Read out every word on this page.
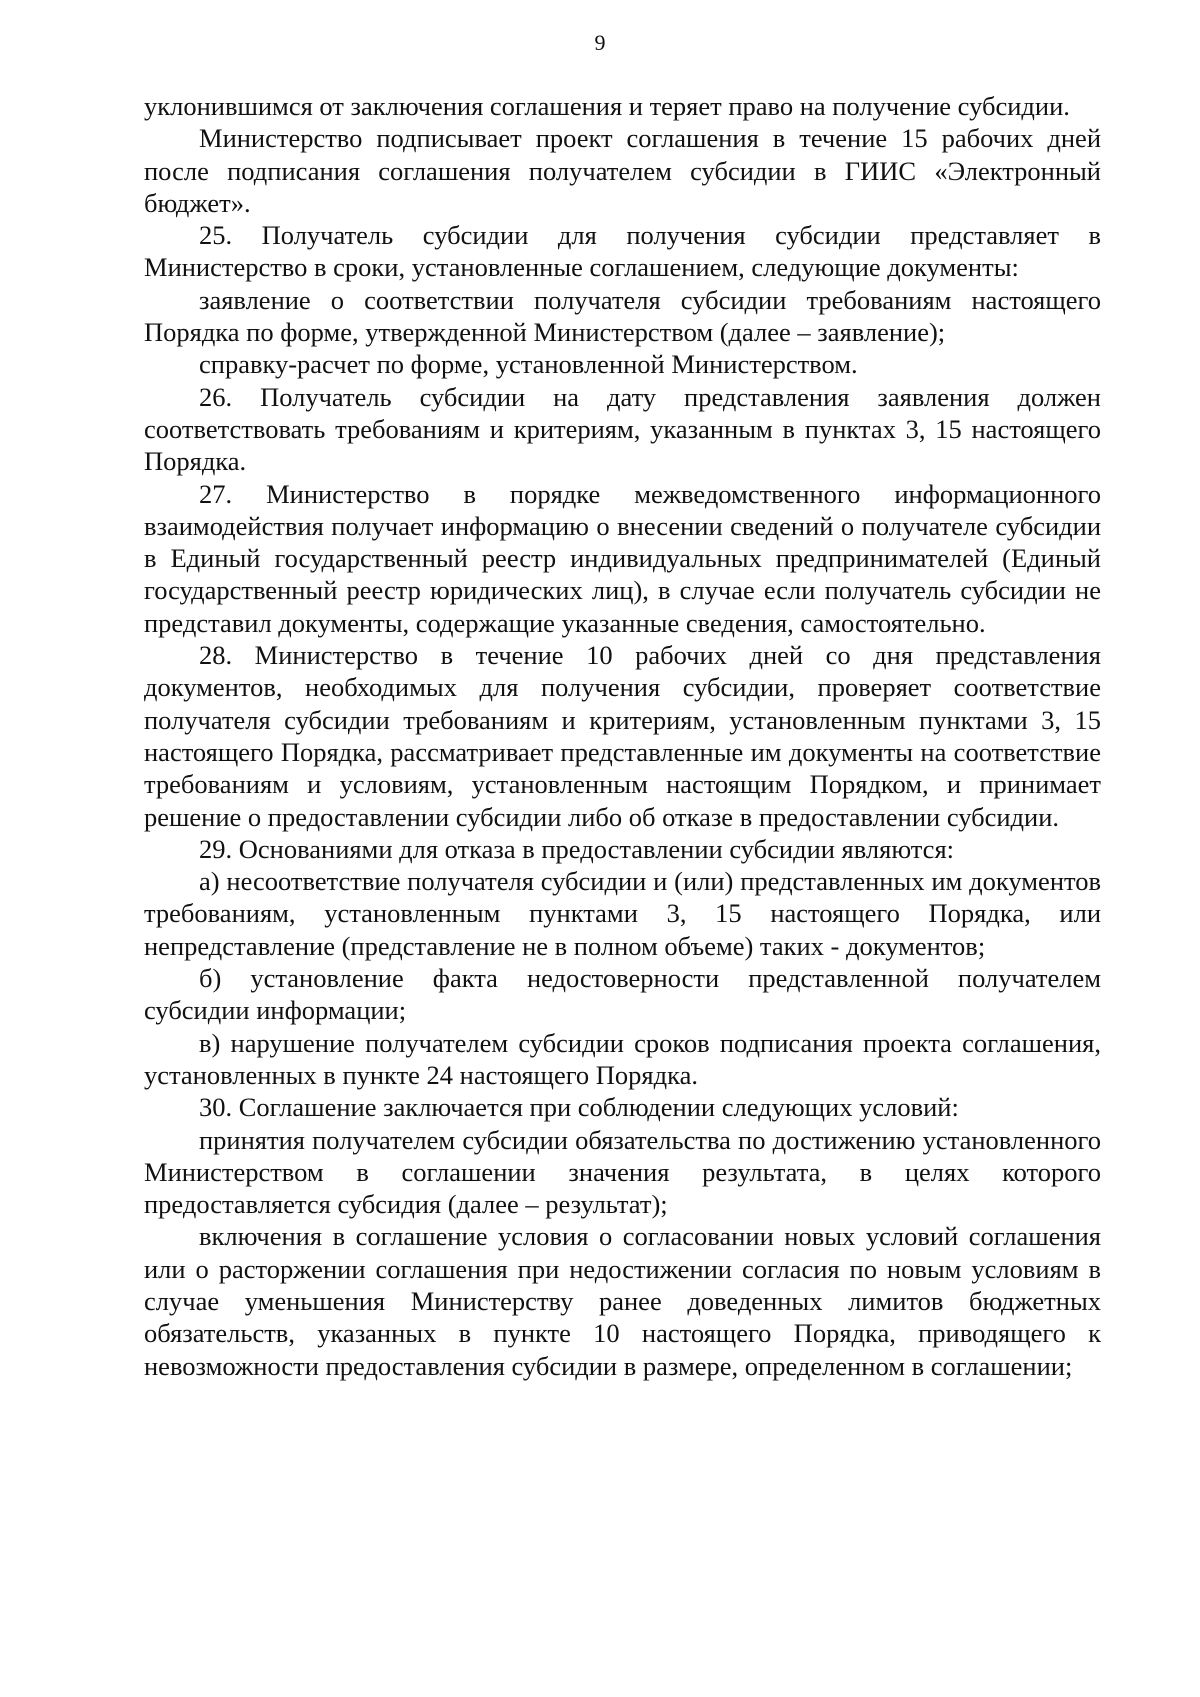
9

уклонившимся от заключения соглашения и теряет право на получение субсидии.

Министерство подписывает проект соглашения в течение 15 рабочих дней после подписания соглашения получателем субсидии в ГИИС «Электронный бюджет».

25. Получатель субсидии для получения субсидии представляет в Министерство в сроки, установленные соглашением, следующие документы:

заявление о соответствии получателя субсидии требованиям настоящего Порядка по форме, утвержденной Министерством (далее – заявление);

справку-расчет по форме, установленной Министерством.

26. Получатель субсидии на дату представления заявления должен соответствовать требованиям и критериям, указанным в пунктах 3, 15 настоящего Порядка.

27. Министерство в порядке межведомственного информационного взаимодействия получает информацию о внесении сведений о получателе субсидии в Единый государственный реестр индивидуальных предпринимателей (Единый государственный реестр юридических лиц), в случае если получатель субсидии не представил документы, содержащие указанные сведения, самостоятельно.

28. Министерство в течение 10 рабочих дней со дня представления документов, необходимых для получения субсидии, проверяет соответствие получателя субсидии требованиям и критериям, установленным пунктами 3, 15 настоящего Порядка, рассматривает представленные им документы на соответствие требованиям и условиям, установленным настоящим Порядком, и принимает решение о предоставлении субсидии либо об отказе в предоставлении субсидии.

29. Основаниями для отказа в предоставлении субсидии являются:

а) несоответствие получателя субсидии и (или) представленных им документов требованиям, установленным пунктами 3, 15 настоящего Порядка, или непредставление (представление не в полном объеме) таких - документов;

б) установление факта недостоверности представленной получателем субсидии информации;

в) нарушение получателем субсидии сроков подписания проекта соглашения, установленных в пункте 24 настоящего Порядка.

30. Соглашение заключается при соблюдении следующих условий:

принятия получателем субсидии обязательства по достижению установленного Министерством в соглашении значения результата, в целях которого предоставляется субсидия (далее – результат);

включения в соглашение условия о согласовании новых условий соглашения или о расторжении соглашения при недостижении согласия по новым условиям в случае уменьшения Министерству ранее доведенных лимитов бюджетных обязательств, указанных в пункте 10 настоящего Порядка, приводящего к невозможности предоставления субсидии в размере, определенном в соглашении;
